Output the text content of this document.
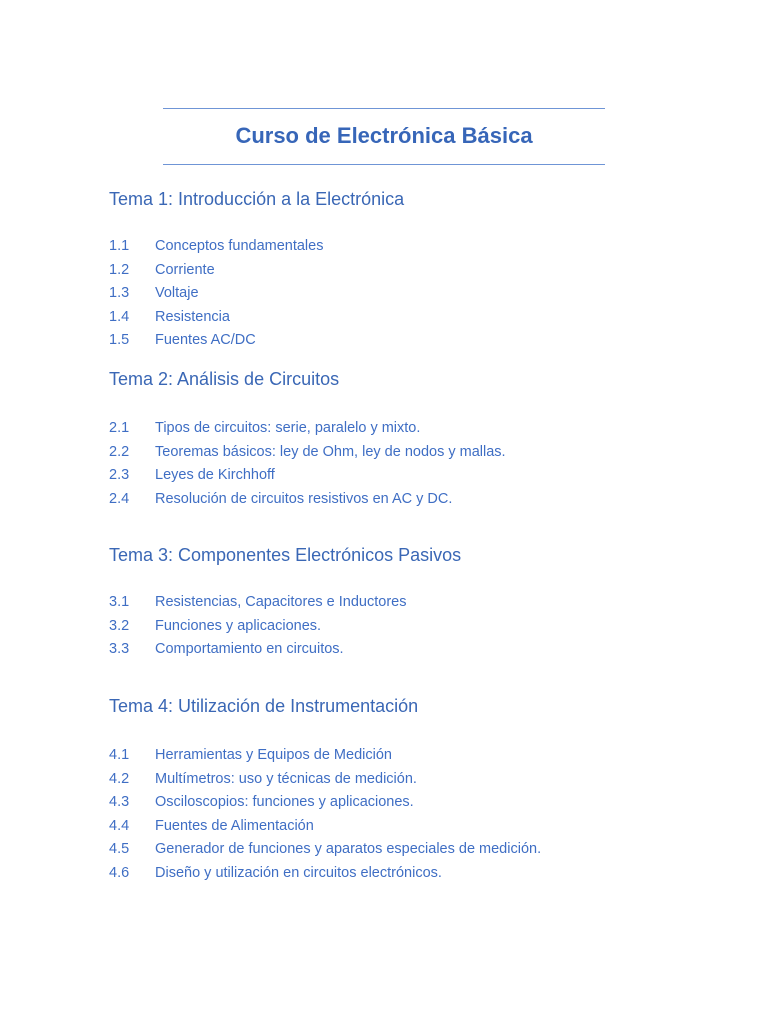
Curso de Electrónica Básica
Tema 1: Introducción a la Electrónica
1.1	Conceptos fundamentales
1.2	Corriente
1.3	Voltaje
1.4	Resistencia
1.5	Fuentes AC/DC
Tema 2: Análisis de Circuitos
2.1	Tipos de circuitos: serie, paralelo y mixto.
2.2	Teoremas básicos: ley de Ohm, ley de nodos y mallas.
2.3	Leyes de Kirchhoff
2.4	Resolución de circuitos resistivos en AC y DC.
Tema 3: Componentes Electrónicos Pasivos
3.1	Resistencias, Capacitores e Inductores
3.2	Funciones y aplicaciones.
3.3	Comportamiento en circuitos.
Tema 4: Utilización de Instrumentación
4.1	Herramientas y Equipos de Medición
4.2	Multímetros: uso y técnicas de medición.
4.3	Osciloscopios: funciones y aplicaciones.
4.4	Fuentes de Alimentación
4.5	Generador de funciones y aparatos especiales de medición.
4.6	Diseño y utilización en circuitos electrónicos.
